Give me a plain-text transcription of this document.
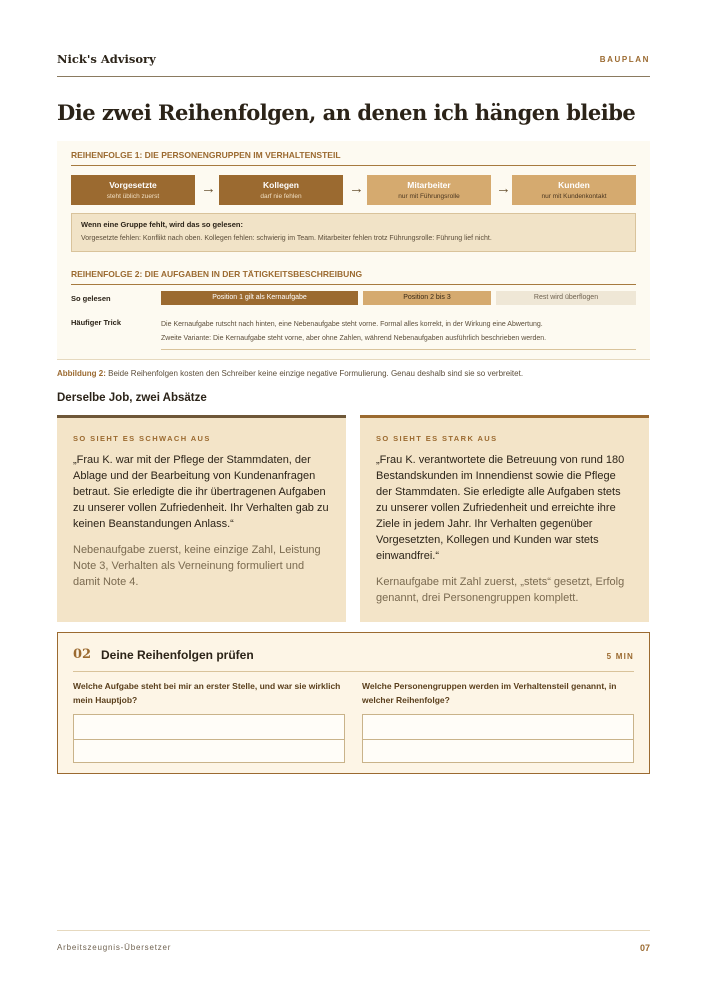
Nick's Advisory	BAUPLAN
Die zwei Reihenfolgen, an denen ich hängen bleibe
REIHENFOLGE 1: DIE PERSONENGRUPPEN IM VERHALTENSTEIL
Vorgesetzte
steht üblich zuerst	→	Kollegen
darf nie fehlen	→	Mitarbeiter
nur mit Führungsrolle	→	Kunden
nur mit Kundenkontakt
Wenn eine Gruppe fehlt, wird das so gelesen:
Vorgesetzte fehlen: Konflikt nach oben. Kollegen fehlen: schwierig im Team. Mitarbeiter fehlen trotz Führungsrolle: Führung lief nicht.
REIHENFOLGE 2: DIE AUFGABEN IN DER TÄTIGKEITSBESCHREIBUNG
So gelesen	Position 1 gilt als Kernaufgabe	Position 2 bis 3	Rest wird überflogen
Häufiger Trick	Die Kernaufgabe rutscht nach hinten, eine Nebenaufgabe steht vorne. Formal alles korrekt, in der Wirkung eine Abwertung.
Zweite Variante: Die Kernaufgabe steht vorne, aber ohne Zahlen, während Nebenaufgaben ausführlich beschrieben werden.
Abbildung 2: Beide Reihenfolgen kosten den Schreiber keine einzige negative Formulierung. Genau deshalb sind sie so verbreitet.
Derselbe Job, zwei Absätze
SO SIEHT ES SCHWACH AUS
„Frau K. war mit der Pflege der Stammdaten, der Ablage und der Bearbeitung von Kundenanfragen betraut. Sie erledigte die ihr übertragenen Aufgaben zu unserer vollen Zufriedenheit. Ihr Verhalten gab zu keinen Beanstandungen Anlass.“
Nebenaufgabe zuerst, keine einzige Zahl, Leistung Note 3, Verhalten als Verneinung formuliert und damit Note 4.
SO SIEHT ES STARK AUS
„Frau K. verantwortete die Betreuung von rund 180 Bestandskunden im Innendienst sowie die Pflege der Stammdaten. Sie erledigte alle Aufgaben stets zu unserer vollen Zufriedenheit und erreichte ihre Ziele in jedem Jahr. Ihr Verhalten gegenüber Vorgesetzten, Kollegen und Kunden war stets einwandfrei.“
Kernaufgabe mit Zahl zuerst, „stets“ gesetzt, Erfolg genannt, drei Personengruppen komplett.
02 Deine Reihenfolgen prüfen	5 MIN
Welche Aufgabe steht bei mir an erster Stelle, und war sie wirklich mein Hauptjob?
Welche Personengruppen werden im Verhaltensteil genannt, in welcher Reihenfolge?
Arbeitszeugnis-Übersetzer	07
